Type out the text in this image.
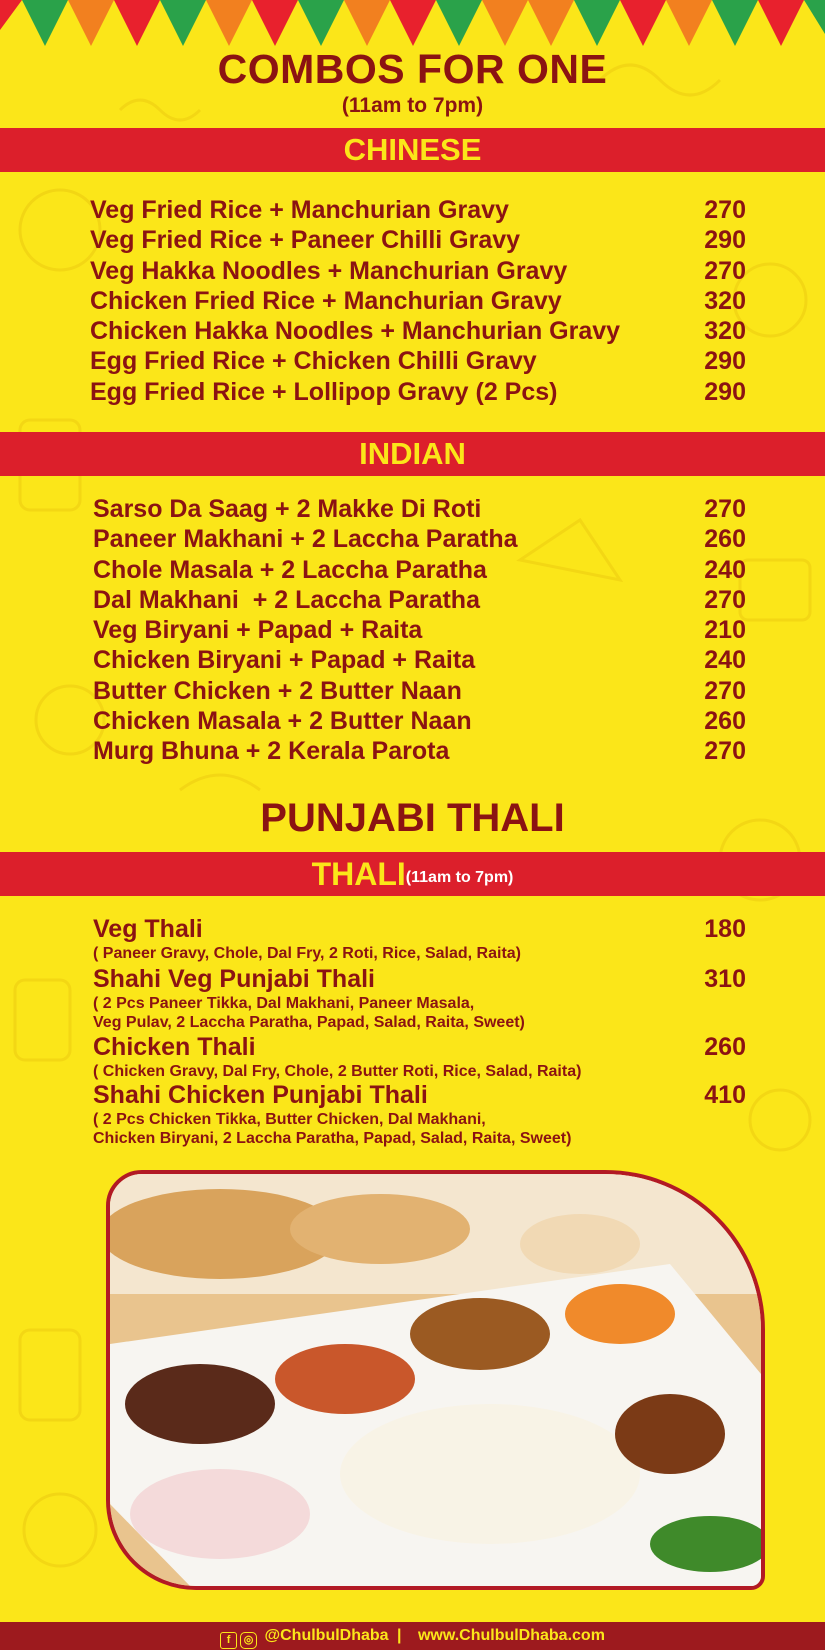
COMBOS FOR ONE
(11am to 7pm)
CHINESE
Veg Fried Rice + Manchurian Gravy	270
Veg Fried Rice + Paneer Chilli Gravy	290
Veg Hakka Noodles + Manchurian Gravy	270
Chicken Fried Rice + Manchurian Gravy	320
Chicken Hakka Noodles + Manchurian Gravy	320
Egg Fried Rice + Chicken Chilli Gravy	290
Egg Fried Rice + Lollipop Gravy (2 Pcs)	290
INDIAN
Sarso Da Saag + 2 Makke Di Roti	270
Paneer Makhani + 2 Laccha Paratha	260
Chole Masala + 2 Laccha Paratha	240
Dal Makhani  + 2 Laccha Paratha	270
Veg Biryani + Papad + Raita	210
Chicken Biryani + Papad + Raita	240
Butter Chicken + 2 Butter Naan	270
Chicken Masala + 2 Butter Naan	260
Murg Bhuna + 2 Kerala Parota	270
PUNJABI THALI
THALI(11am to 7pm)
Veg Thali	180
( Paneer Gravy, Chole, Dal Fry, 2 Roti, Rice, Salad, Raita)
Shahi Veg Punjabi Thali	310
( 2 Pcs Paneer Tikka, Dal Makhani, Paneer Masala,
Veg Pulav, 2 Laccha Paratha, Papad, Salad, Raita, Sweet)
Chicken Thali	260
( Chicken Gravy, Dal Fry, Chole, 2 Butter Roti, Rice, Salad, Raita)
Shahi Chicken Punjabi Thali	410
( 2 Pcs Chicken Tikka, Butter Chicken, Dal Makhani,
Chicken Biryani, 2 Laccha Paratha, Papad, Salad, Raita, Sweet)
f ◎ @ChulbulDhaba | www.ChulbulDhaba.com
